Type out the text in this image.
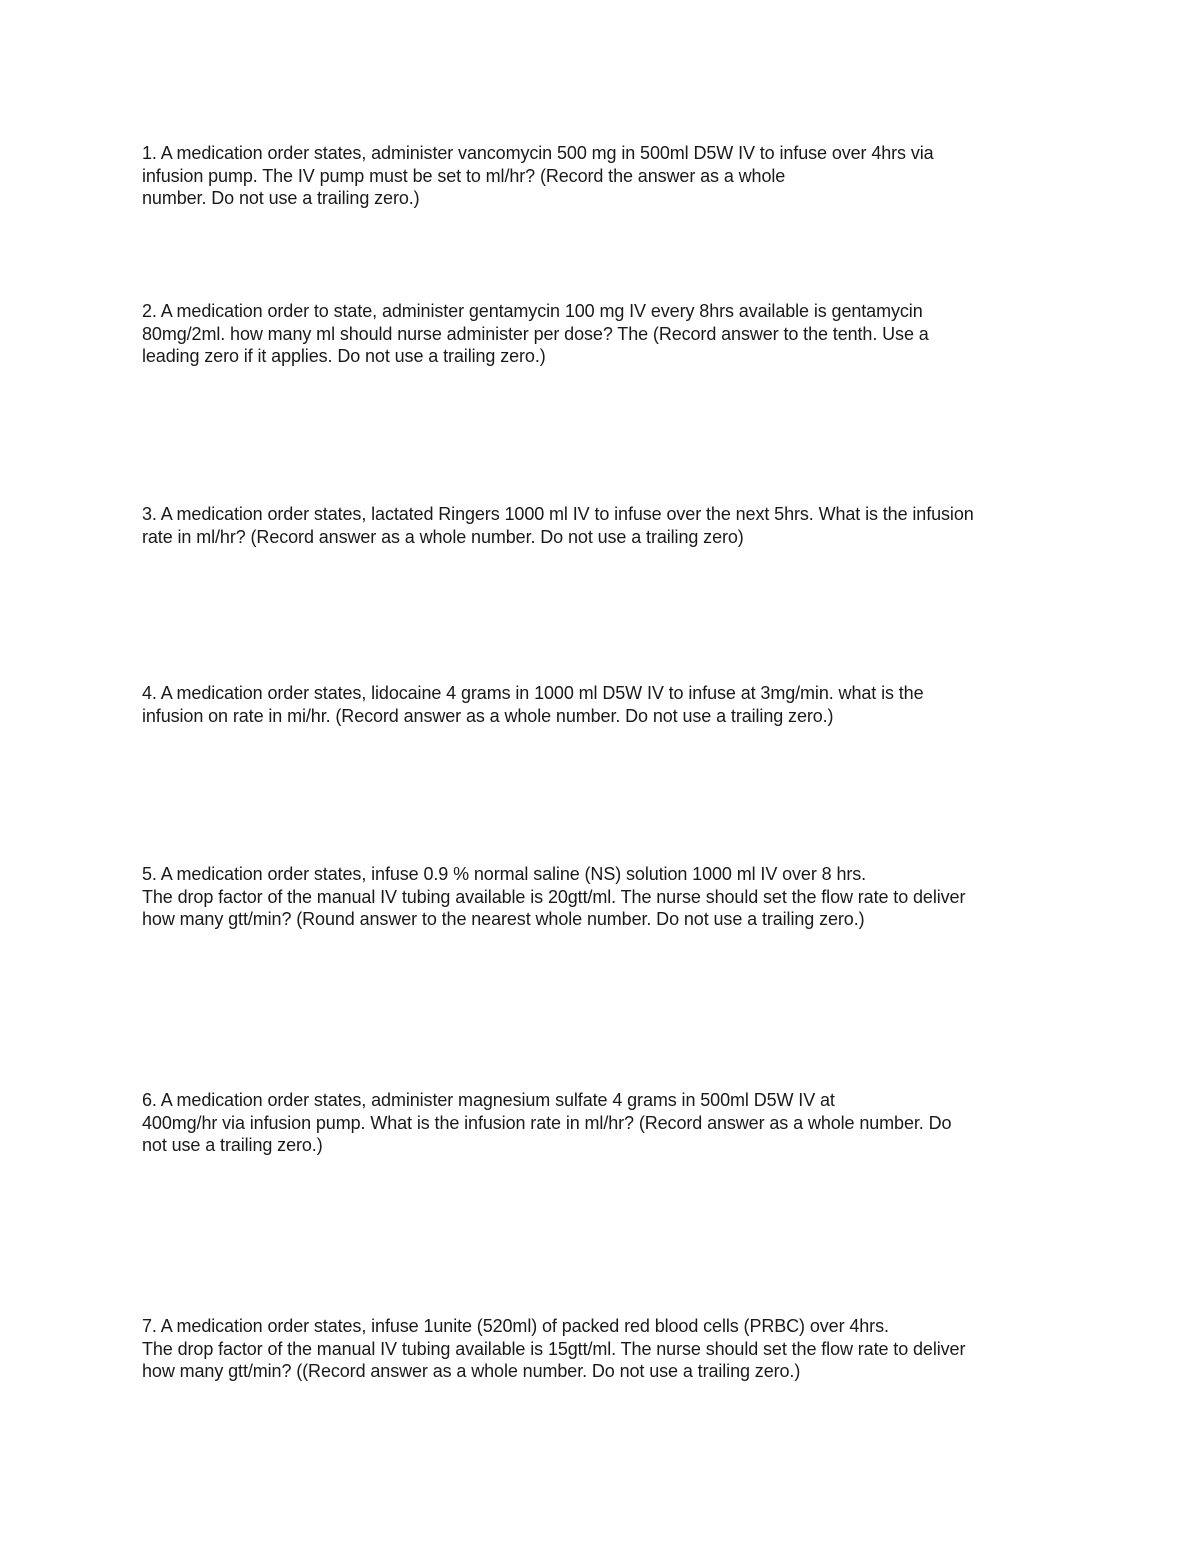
1. A medication order states, administer vancomycin 500 mg in 500ml D5W IV to infuse over 4hrs via
infusion pump. The IV pump must be set to ml/hr? (Record the answer as a whole
number. Do not use a trailing zero.)
2. A medication order to state, administer gentamycin 100 mg IV every 8hrs available is gentamycin
80mg/2ml. how many ml should nurse administer per dose? The (Record answer to the tenth. Use a
leading zero if it applies. Do not use a trailing zero.)
3. A medication order states, lactated Ringers 1000 ml IV to infuse over the next 5hrs. What is the infusion
rate in ml/hr? (Record answer as a whole number. Do not use a trailing zero)
4. A medication order states, lidocaine 4 grams in 1000 ml D5W IV to infuse at 3mg/min. what is the
infusion on rate in mi/hr. (Record answer as a whole number. Do not use a trailing zero.)
5. A medication order states, infuse 0.9 % normal saline (NS) solution 1000 ml IV over 8 hrs.
The drop factor of the manual IV tubing available is 20gtt/ml. The nurse should set the flow rate to deliver
how many gtt/min? (Round answer to the nearest whole number. Do not use a trailing zero.)
6. A medication order states, administer magnesium sulfate 4 grams in 500ml D5W IV at
400mg/hr via infusion pump. What is the infusion rate in ml/hr? (Record answer as a whole number. Do
not use a trailing zero.)
7. A medication order states, infuse 1unite (520ml) of packed red blood cells (PRBC) over 4hrs.
The drop factor of the manual IV tubing available is 15gtt/ml. The nurse should set the flow rate to deliver
how many gtt/min? ((Record answer as a whole number. Do not use a trailing zero.)
